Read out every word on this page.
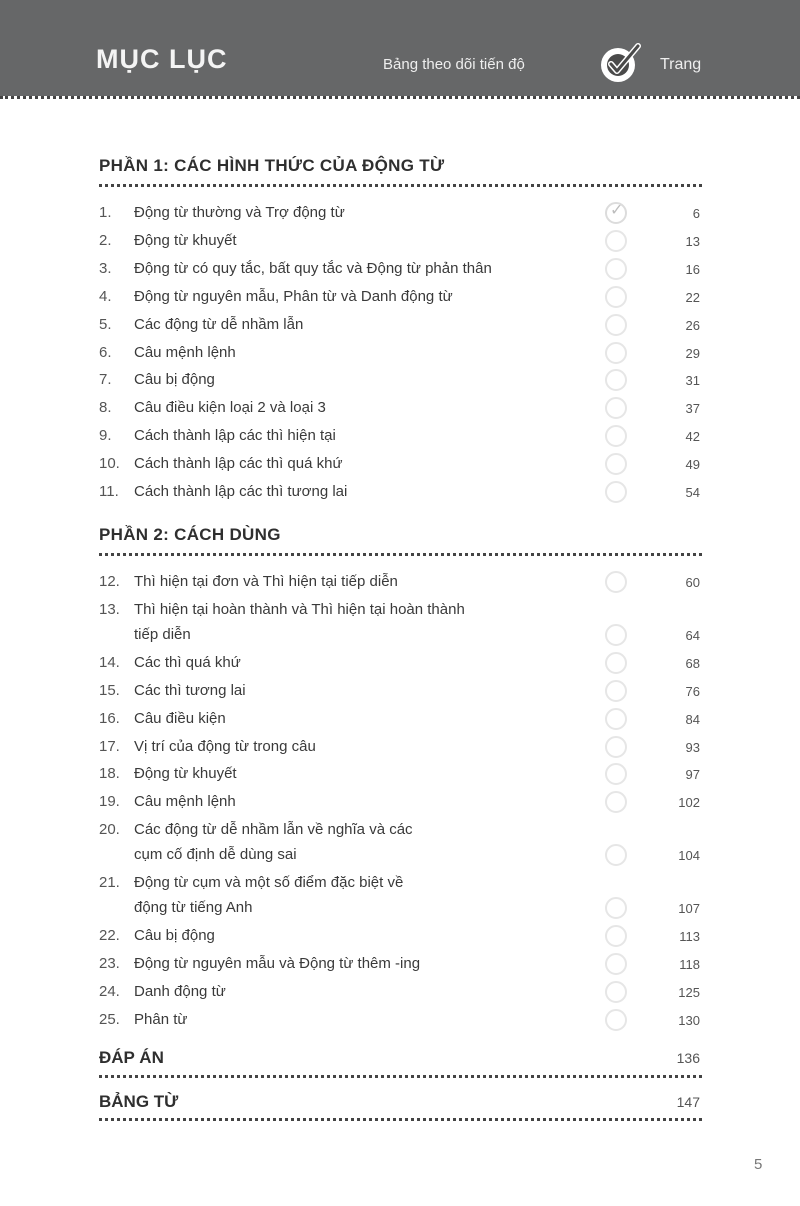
MỤC LỤC	Bảng theo dõi tiến độ	Trang
PHẦN 1: CÁC HÌNH THỨC CỦA ĐỘNG TỪ
1. Động từ thường và Trợ động từ	✓	6
2. Động từ khuyết	13
3. Động từ có quy tắc, bất quy tắc và Động từ phản thân	16
4. Động từ nguyên mẫu, Phân từ và Danh động từ	22
5. Các động từ dễ nhầm lẫn	26
6. Câu mệnh lệnh	29
7. Câu bị động	31
8. Câu điều kiện loại 2 và loại 3	37
9. Cách thành lập các thì hiện tại	42
10. Cách thành lập các thì quá khứ	49
11. Cách thành lập các thì tương lai	54
PHẦN 2: CÁCH DÙNG
12. Thì hiện tại đơn và Thì hiện tại tiếp diễn	60
13. Thì hiện tại hoàn thành và Thì hiện tại hoàn thành
tiếp diễn	64
14. Các thì quá khứ	68
15. Các thì tương lai	76
16. Câu điều kiện	84
17. Vị trí của động từ trong câu	93
18. Động từ khuyết	97
19. Câu mệnh lệnh	102
20. Các động từ dễ nhầm lẫn về nghĩa và các
cụm cố định dễ dùng sai	104
21. Động từ cụm và một số điểm đặc biệt về
động từ tiếng Anh	107
22. Câu bị động	113
23. Động từ nguyên mẫu và Động từ thêm -ing	118
24. Danh động từ	125
25. Phân từ	130
ĐÁP ÁN	136
BẢNG TỪ	147
5
